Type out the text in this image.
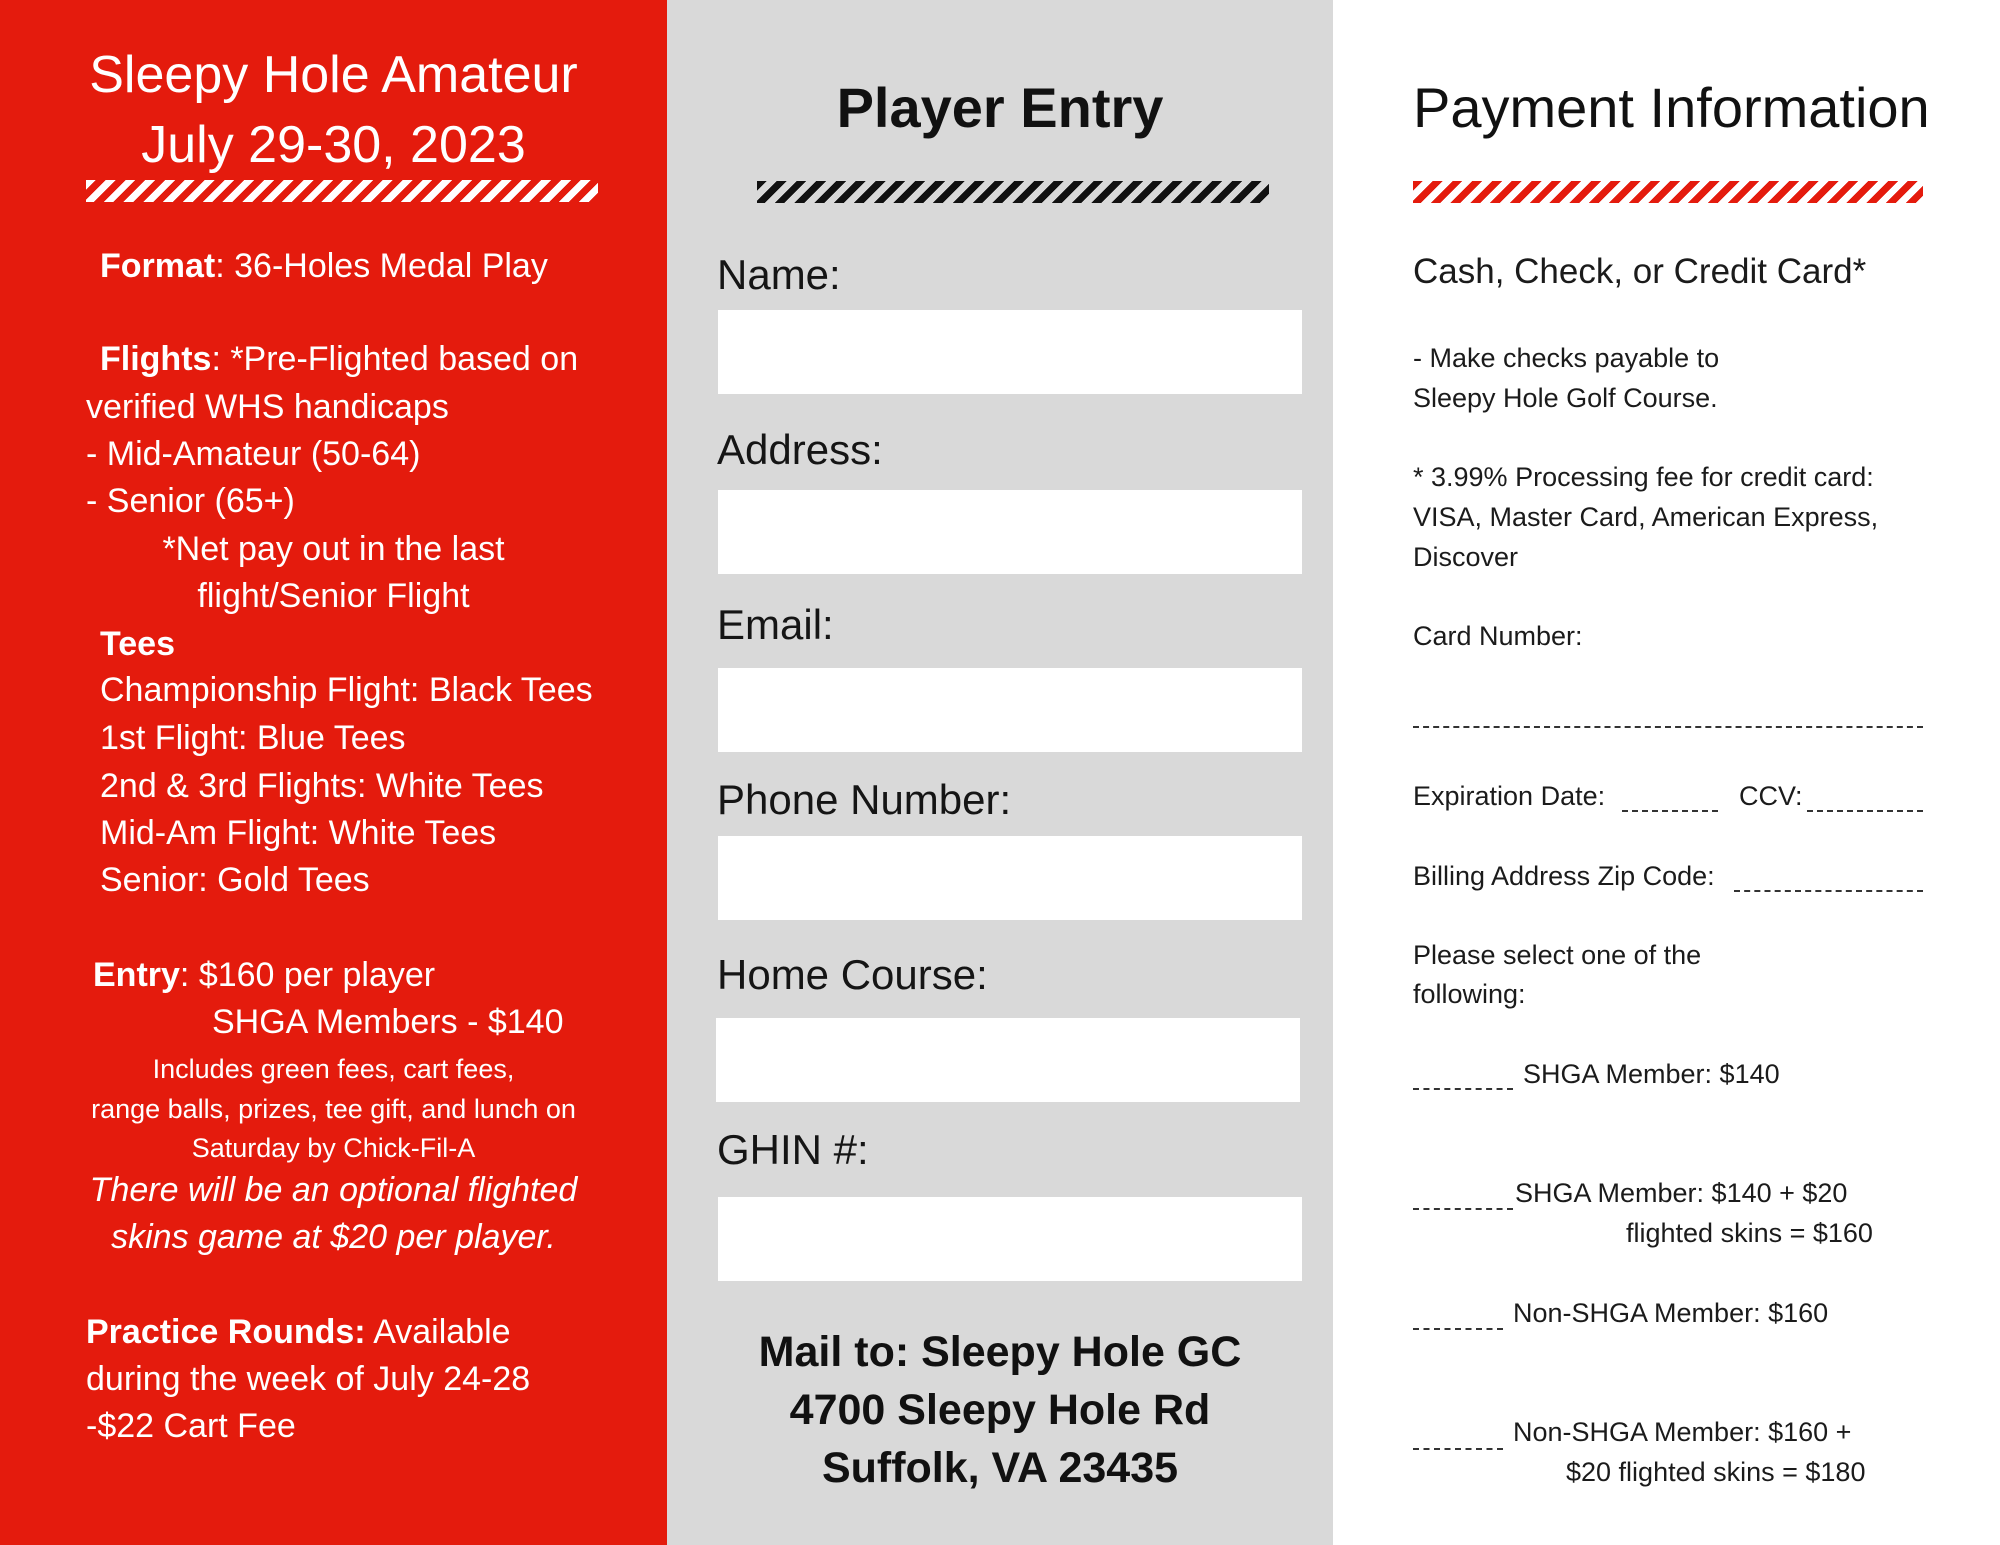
Sleepy Hole Amateur
July 29-30, 2023
Format: 36-Holes Medal Play
Flights: *Pre-Flighted based on
verified WHS handicaps
- Mid-Amateur (50-64)
- Senior (65+)
*Net pay out in the last
flight/Senior Flight
Tees
Championship Flight: Black Tees
1st Flight: Blue Tees
2nd & 3rd Flights: White Tees
Mid-Am Flight: White Tees
Senior: Gold Tees
Entry: $160 per player
SHGA Members - $140
Includes green fees, cart fees,
range balls, prizes, tee gift, and lunch on
Saturday by Chick-Fil-A
There will be an optional flighted
skins game at $20 per player.
Practice Rounds: Available
during the week of July 24-28
-$22 Cart Fee
Player Entry
Name:
Address:
Email:
Phone Number:
Home Course:
GHIN #:
Mail to: Sleepy Hole GC
4700 Sleepy Hole Rd
Suffolk, VA 23435
Payment Information
Cash, Check, or Credit Card*
- Make checks payable to
Sleepy Hole Golf Course.
* 3.99% Processing fee for credit card:
VISA, Master Card, American Express,
Discover
Card Number:
Expiration Date:	CCV:
Billing Address Zip Code:
Please select one of the
following:
SHGA Member: $140
SHGA Member: $140 + $20
flighted skins = $160
Non-SHGA Member: $160
Non-SHGA Member: $160 +
$20 flighted skins = $180
